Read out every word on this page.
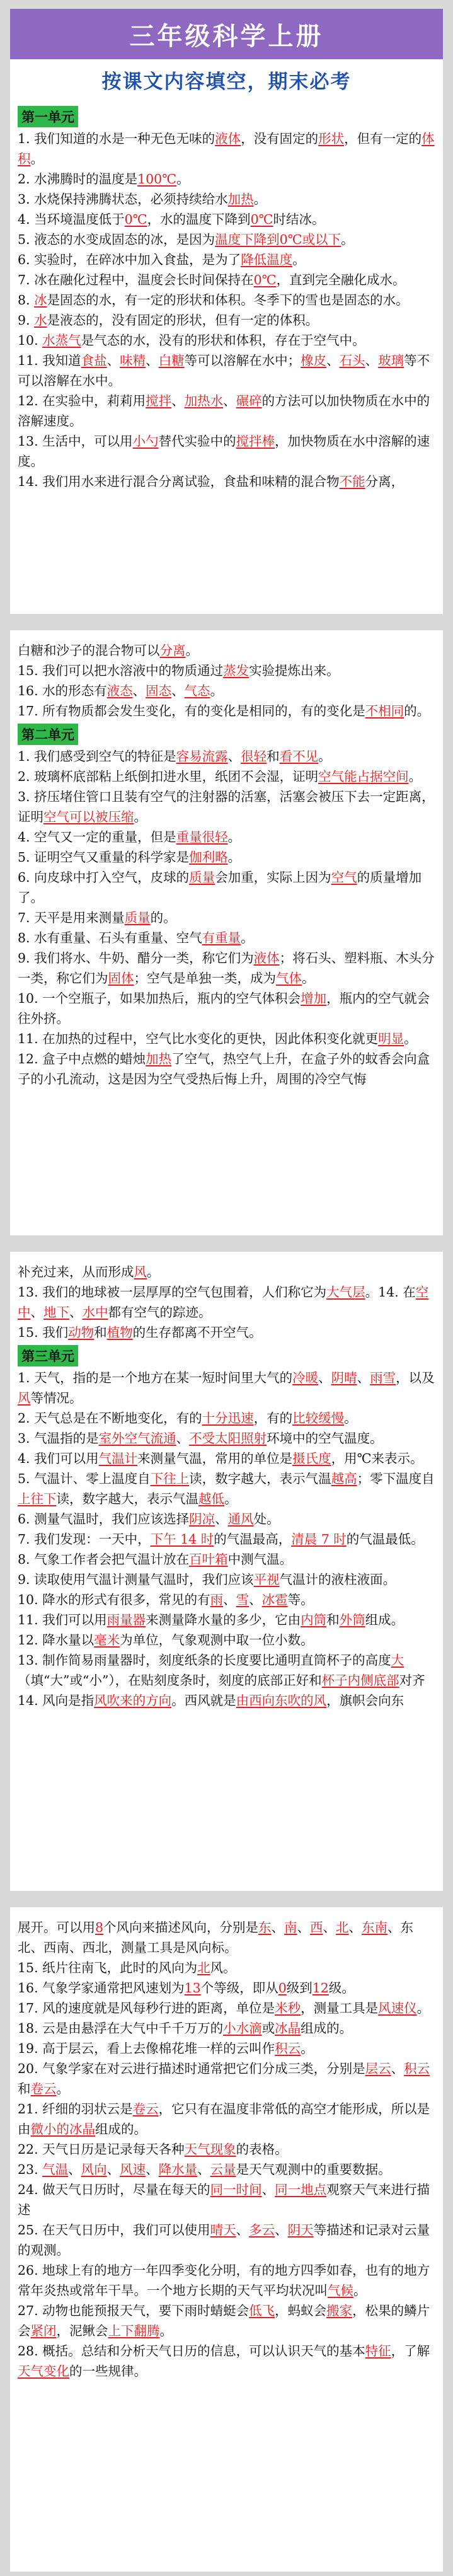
三年级科学上册
按课文内容填空，期末必考
第一单元

1. 我们知道的水是一种无色无味的液体，没有固定的形状，但有一定的体积。

2. 水沸腾时的温度是100℃。

3. 水烧保持沸腾状态，必须持续给水加热。

4. 当环境温度低于0℃，水的温度下降到0℃时结冰。

5. 液态的水变成固态的冰，是因为温度下降到0℃或以下。

6. 实验时，在碎冰中加入食盐，是为了降低温度。

7. 冰在融化过程中，温度会长时间保持在0℃，直到完全融化成水。

8. 冰是固态的水，有一定的形状和体积。冬季下的雪也是固态的水。

9. 水是液态的，没有固定的形状，但有一定的体积。

10. 水蒸气是气态的水，没有的形状和体积，存在于空气中。

11. 我知道食盐、味精、白糖等可以溶解在水中；橡皮、石头、玻璃等不可以溶解在水中。

12. 在实验中，莉莉用搅拌、加热水、碾碎的方法可以加快物质在水中的溶解速度。

13. 生活中，可以用小勺替代实验中的搅拌棒，加快物质在水中溶解的速度。

14. 我们用水来进行混合分离试验，食盐和味精的混合物不能分离，

白糖和沙子的混合物可以分离。

15. 我们可以把水溶液中的物质通过蒸发实验提炼出来。

16. 水的形态有液态、固态、气态。

17. 所有物质都会发生变化，有的变化是相同的，有的变化是不相同的。

第二单元

1. 我们感受到空气的特征是容易流露、很轻和看不见。

2. 玻璃杯底部粘上纸倒扣进水里，纸团不会湿，证明空气能占据空间。

3. 挤压堵住管口且装有空气的注射器的活塞，活塞会被压下去一定距离，证明空气可以被压缩。

4. 空气又一定的重量，但是重量很轻。

5. 证明空气又重量的科学家是伽利略。

6. 向皮球中打入空气，皮球的质量会加重，实际上因为空气的质量增加了。

7. 天平是用来测量质量的。

8. 水有重量、石头有重量、空气有重量。

9. 我们将水、牛奶、醋分一类，称它们为液体；将石头、塑料瓶、木头分一类，称它们为固体；空气是单独一类，成为气体。

10. 一个空瓶子，如果加热后，瓶内的空气体积会增加，瓶内的空气就会往外挤。

11. 在加热的过程中，空气比水变化的更快，因此体积变化就更明显。

12. 盒子中点燃的蜡烛加热了空气，热空气上升，在盒子外的蚊香会向盒子的小孔流动，这是因为空气受热后悔上升，周围的冷空气悔

补充过来，从而形成风。

13. 我们的地球被一层厚厚的空气包围着，人们称它为大气层。14. 在空中、地下、水中都有空气的踪迹。

15. 我们动物和植物的生存都离不开空气。

第三单元

1. 天气，指的是一个地方在某一短时间里大气的冷暖、阴晴、雨雪，以及风等情况。

2. 天气总是在不断地变化，有的十分迅速，有的比较缓慢。

3. 气温指的是室外空气流通、不受太阳照射环境中的空气温度。

4. 我们可以用气温计来测量气温，常用的单位是摄氏度，用℃来表示。

5. 气温计、零上温度自下往上读，数字越大，表示气温越高；零下温度自上往下读，数字越大，表示气温越低。

6. 测量气温时，我们应该选择阴凉、通风处。

7. 我们发现：一天中，下午 14 时的气温最高，清晨 7 时的气温最低。

8. 气象工作者会把气温计放在百叶箱中测气温。

9. 读取使用气温计测量气温时，我们应该平视气温计的液柱液面。

10. 降水的形式有很多，常见的有雨、雪、冰雹等。

11. 我们可以用雨量器来测量降水量的多少，它由内筒和外筒组成。

12. 降水量以毫米为单位，气象观测中取一位小数。

13. 制作简易雨量器时，刻度纸条的长度要比通明直筒杯子的高度大（填“大”或“小”），在贴刻度条时，刻度的底部正好和杯子内侧底部对齐

14. 风向是指风吹来的方向。西风就是由西向东吹的风，旗帜会向东

展开。可以用8个风向来描述风向，分别是东、南、西、北、东南、东北、西南、西北，测量工具是风向标。

15. 纸片往南飞，此时的风向为北风。

16. 气象学家通常把风速划为13个等级，即从0级到12级。

17. 风的速度就是风每秒行进的距离，单位是米秒，测量工具是风速仪。

18. 云是由悬浮在大气中千千万万的小水滴或冰晶组成的。

19. 高于层云，看上去像棉花堆一样的云叫作积云。

20. 气象学家在对云进行描述时通常把它们分成三类，分别是层云、积云和卷云。

21. 纤细的羽状云是卷云，它只有在温度非常低的高空才能形成，所以是由微小的冰晶组成的。

22. 天气日历是记录每天各种天气现象的表格。

23. 气温、风向、风速、降水量、云量是天气观测中的重要数据。

24. 做天气日历时，尽量在每天的同一时间、同一地点观察天气来进行描述

25. 在天气日历中，我们可以使用晴天、多云、阴天等描述和记录对云量的观测。

26. 地球上有的地方一年四季变化分明，有的地方四季如春，也有的地方常年炎热或常年干旱。一个地方长期的天气平均状况叫气候。

27. 动物也能预报天气，要下雨时蜻蜓会低飞，蚂蚁会搬家，松果的鳞片会紧闭，泥鳅会上下翻腾。

28. 概括。总结和分析天气日历的信息，可以认识天气的基本特征，了解天气变化的一些规律。
